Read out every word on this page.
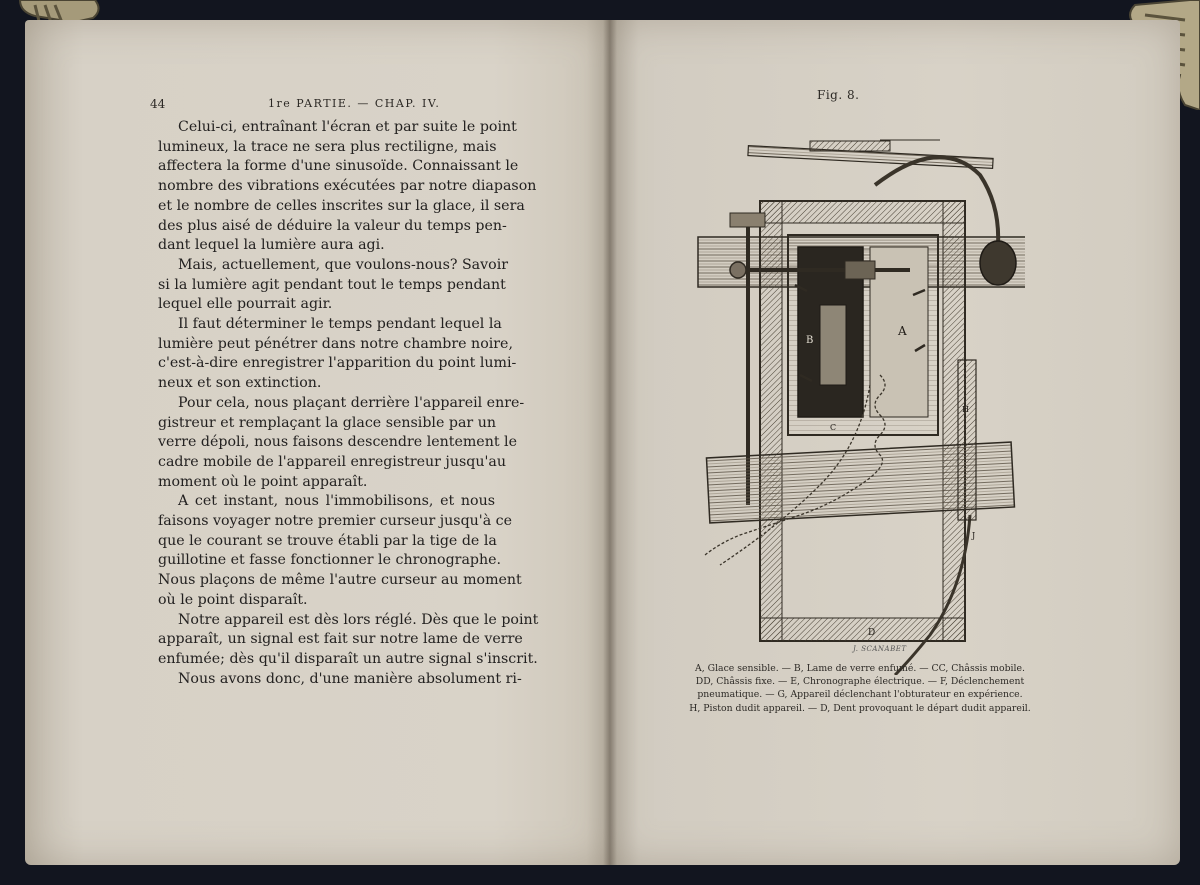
44	1re PARTIE. — CHAP. IV.
Celui-ci, entraînant l'écran et par suite le point
lumineux, la trace ne sera plus rectiligne, mais
affectera la forme d'une sinusoïde. Connaissant le
nombre des vibrations exécutées par notre diapason
et le nombre de celles inscrites sur la glace, il sera
des plus aisé de déduire la valeur du temps pen-
dant lequel la lumière aura agi.
Mais, actuellement, que voulons-nous? Savoir
si la lumière agit pendant tout le temps pendant
lequel elle pourrait agir.
Il faut déterminer le temps pendant lequel la
lumière peut pénétrer dans notre chambre noire,
c'est-à-dire enregistrer l'apparition du point lumi-
neux et son extinction.
Pour cela, nous plaçant derrière l'appareil enre-
gistreur et remplaçant la glace sensible par un
verre dépoli, nous faisons descendre lentement le
cadre mobile de l'appareil enregistreur jusqu'au
moment où le point apparaît.
A cet instant, nous l'immobilisons, et nous
faisons voyager notre premier curseur jusqu'à ce
que le courant se trouve établi par la tige de la
guillotine et fasse fonctionner le chronographe.
Nous plaçons de même l'autre curseur au moment
où le point disparaît.
Notre appareil est dès lors réglé. Dès que le point
apparaît, un signal est fait sur notre lame de verre
enfumée; dès qu'il disparaît un autre signal s'inscrit.
Nous avons donc, d'une manière absolument ri-
Fig. 8.
A
B
C
D
H
J
J. SCANABET
A, Glace sensible. — B, Lame de verre enfumé. — CC, Châssis mobile.
DD, Châssis fixe. — E, Chronographe électrique. — F, Déclenchement
pneumatique. — G, Appareil déclenchant l'obturateur en expérience.
H, Piston dudit appareil. — D, Dent provoquant le départ dudit appareil.
